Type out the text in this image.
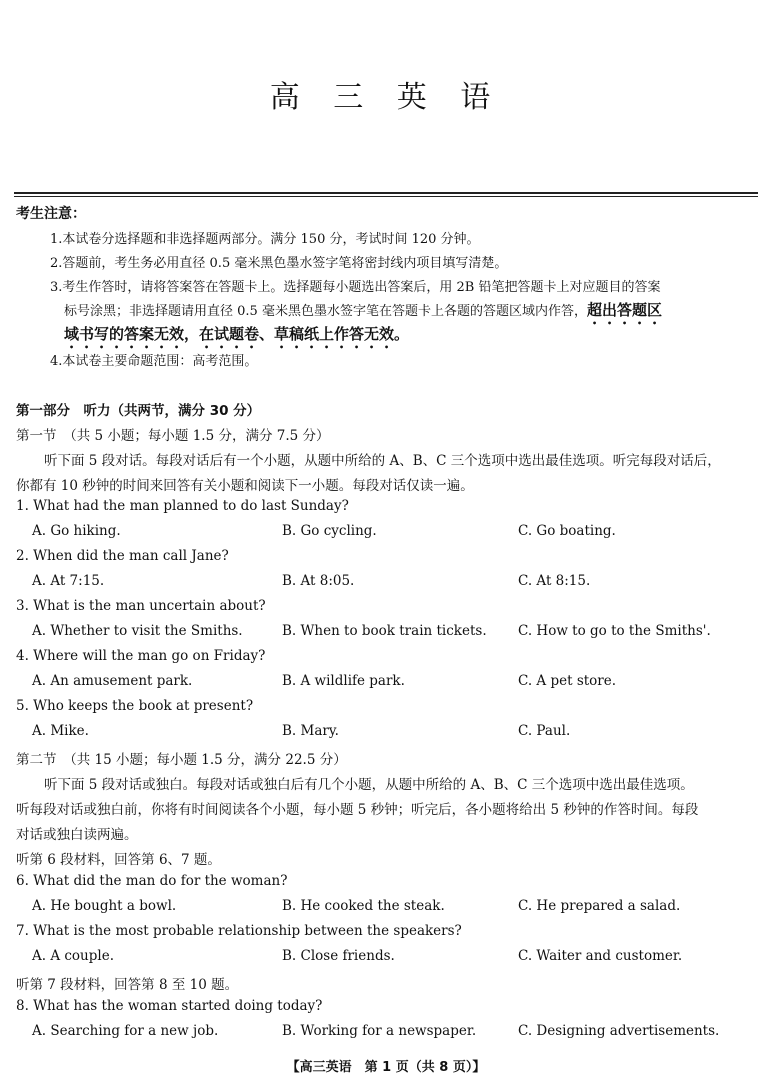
高 三 英 语
考生注意：
1.本试卷分选择题和非选择题两部分。满分 150 分，考试时间 120 分钟。
2.答题前，考生务必用直径 0.5 毫米黑色墨水签字笔将密封线内项目填写清楚。
3.考生作答时，请将答案答在答题卡上。选择题每小题选出答案后，用 2B 铅笔把答题卡上对应题目的答案
标号涂黑；非选择题请用直径 0.5 毫米黑色墨水签字笔在答题卡上各题的答题区域内作答，超出答题区
域书写的答案无效，在试题卷、草稿纸上作答无效。
4.本试卷主要命题范围：高考范围。
第一部分　听力（共两节，满分 30 分）
第一节　（共 5 小题；每小题 1.5 分，满分 7.5 分）
听下面 5 段对话。每段对话后有一个小题，从题中所给的 A、B、C 三个选项中选出最佳选项。听完每段对话后，
你都有 10 秒钟的时间来回答有关小题和阅读下一小题。每段对话仅读一遍。
1. What had the man planned to do last Sunday?
A. Go hiking.	B. Go cycling.	C. Go boating.
2. When did the man call Jane?
A. At 7:15.	B. At 8:05.	C. At 8:15.
3. What is the man uncertain about?
A. Whether to visit the Smiths.	B. When to book train tickets. C. How to go to the Smiths'.
4. Where will the man go on Friday?
A. An amusement park.	B. A wildlife park.	C. A pet store.
5. Who keeps the book at present?
A. Mike.	B. Mary.	C. Paul.
第二节　（共 15 小题；每小题 1.5 分，满分 22.5 分）
听下面 5 段对话或独白。每段对话或独白后有几个小题，从题中所给的 A、B、C 三个选项中选出最佳选项。
听每段对话或独白前，你将有时间阅读各个小题，每小题 5 秒钟；听完后，各小题将给出 5 秒钟的作答时间。每段
对话或独白读两遍。
听第 6 段材料，回答第 6、7 题。
6. What did the man do for the woman?
A. He bought a bowl.	B. He cooked the steak.	C. He prepared a salad.
7. What is the most probable relationship between the speakers?
A. A couple.	B. Close friends.	C. Waiter and customer.
听第 7 段材料，回答第 8 至 10 题。
8. What has the woman started doing today?
A. Searching for a new job.	B. Working for a newspaper.	C. Designing advertisements.
【高三英语　第 1 页（共 8 页）】
